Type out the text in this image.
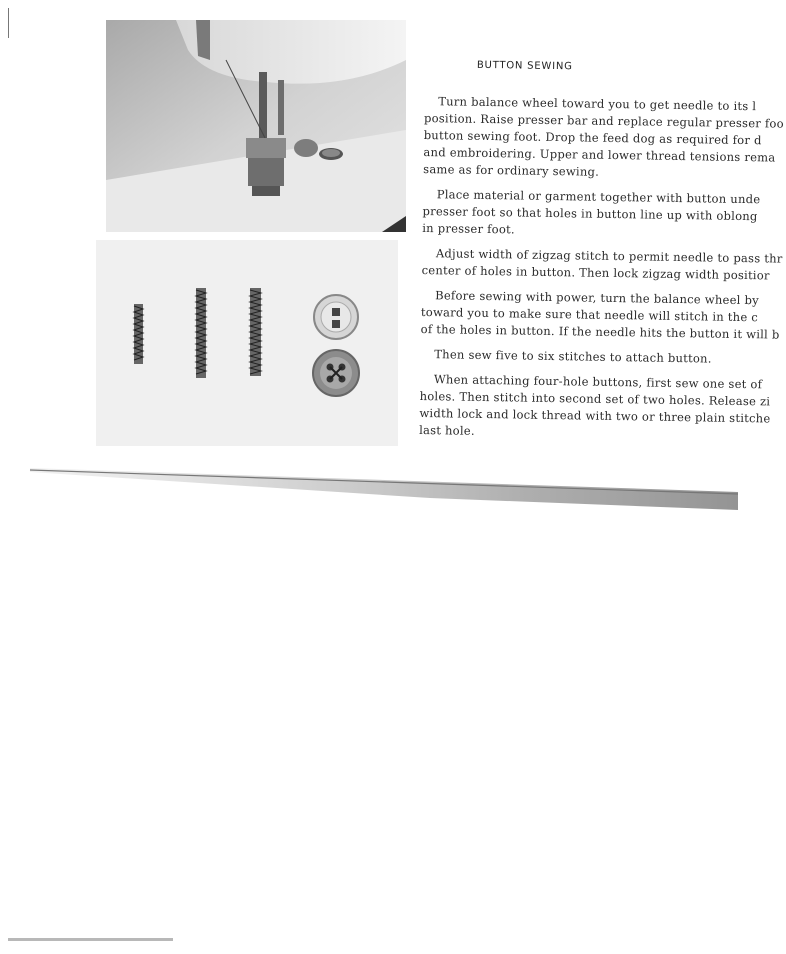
BUTTON SEWING
Turn balance wheel toward you to get needle to its l
position. Raise presser bar and replace regular presser foo
button sewing foot. Drop the feed dog as required for d
and embroidering. Upper and lower thread tensions rema
same as for ordinary sewing.
Place material or garment together with button unde
presser foot so that holes in button line up with oblong
in presser foot.
Adjust width of zigzag stitch to permit needle to pass thr
center of holes in button. Then lock zigzag width positior
Before sewing with power, turn the balance wheel by
toward you to make sure that needle will stitch in the c
of the holes in button. If the needle hits the button it will b
Then sew five to six stitches to attach button.
When attaching four-hole buttons, first sew one set of
holes. Then stitch into second set of two holes. Release zi
width lock and lock thread with two or three plain stitche
last hole.
